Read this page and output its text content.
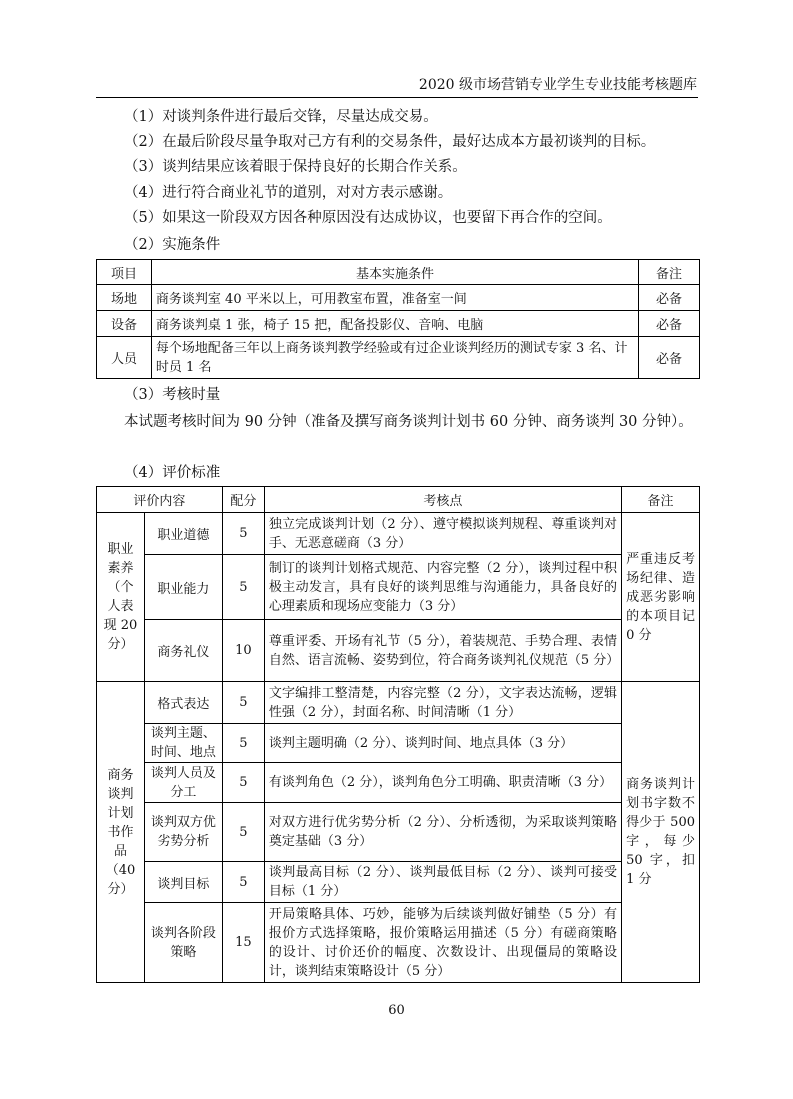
2020 级市场营销专业学生专业技能考核题库
（1）对谈判条件进行最后交锋，尽量达成交易。
（2）在最后阶段尽量争取对己方有利的交易条件，最好达成本方最初谈判的目标。
（3）谈判结果应该着眼于保持良好的长期合作关系。
（4）进行符合商业礼节的道别，对对方表示感谢。
（5）如果这一阶段双方因各种原因没有达成协议，也要留下再合作的空间。
（2）实施条件
项目	基本实施条件	备注
场地	商务谈判室 40 平米以上，可用教室布置，准备室一间	必备
设备	商务谈判桌 1 张，椅子 15 把，配备投影仪、音响、电脑	必备
人员	每个场地配备三年以上商务谈判教学经验或有过企业谈判经历的测试专家 3 名、计时员 1 名	必备
（3）考核时量
本试题考核时间为 90 分钟（准备及撰写商务谈判计划书 60 分钟、商务谈判 30 分钟）。
（4）评价标准
评价内容		配分	考核点	备注
职业素养（个人表现 20 分）	职业道德	5	独立完成谈判计划（2 分）、遵守模拟谈判规程、尊重谈判对手、无恶意磋商（3 分）	严重违反考场纪律、造成恶劣影响的本项目记 0 分
	职业能力	5	制订的谈判计划格式规范、内容完整（2 分），谈判过程中积极主动发言，具有良好的谈判思维与沟通能力，具备良好的心理素质和现场应变能力（3 分）	
	商务礼仪	10	尊重评委、开场有礼节（5 分），着装规范、手势合理、表情自然、语言流畅、姿势到位，符合商务谈判礼仪规范（5 分）	
商务谈判计划书作品（40 分）	格式表达	5	文字编排工整清楚，内容完整（2 分），文字表达流畅，逻辑性强（2 分），封面名称、时间清晰（1 分）	商务谈判计划书字数不得少于 500 字，每少 50 字，扣 1 分
	谈判主题、时间、地点	5	谈判主题明确（2 分）、谈判时间、地点具体（3 分）	
	谈判人员及分工	5	有谈判角色（2 分），谈判角色分工明确、职责清晰（3 分）	
	谈判双方优劣势分析	5	对双方进行优劣势分析（2 分）、分析透彻，为采取谈判策略奠定基础（3 分）	
	谈判目标	5	谈判最高目标（2 分）、谈判最低目标（2 分）、谈判可接受目标（1 分）	
	谈判各阶段策略	15	开局策略具体、巧妙，能够为后续谈判做好铺垫（5 分）有报价方式选择策略，报价策略运用描述（5 分）有磋商策略的设计、讨价还价的幅度、次数设计、出现僵局的策略设计，谈判结束策略设计（5 分）	
60
